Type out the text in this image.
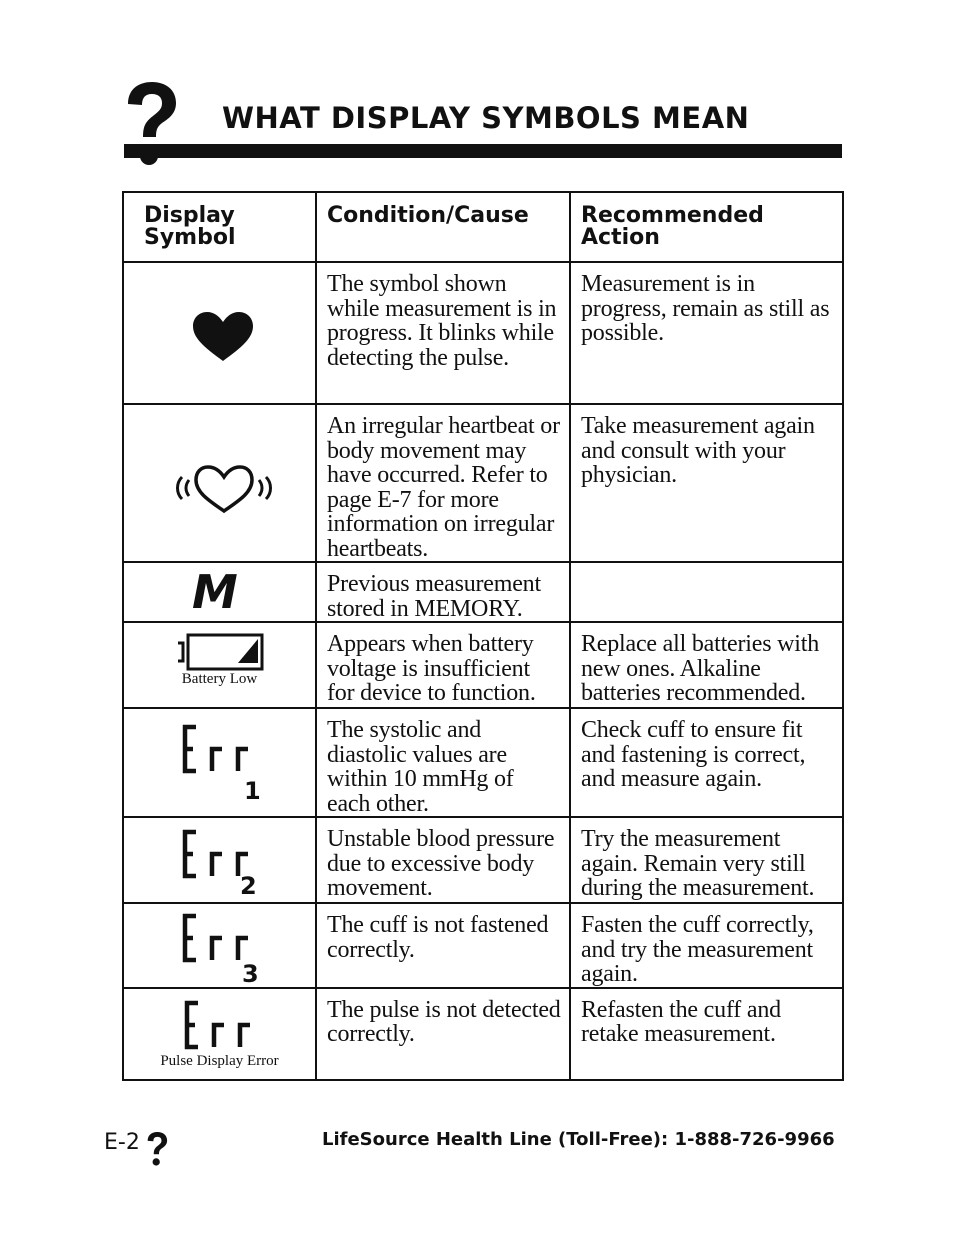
WHAT DISPLAY SYMBOLS MEAN
Display Symbol	Condition/Cause	Recommended Action

	The symbol shown while measurement is in progress. It blinks while detecting the pulse.	Measurement is in progress, remain as still as possible.

	An irregular heartbeat or body movement may have occurred. Refer to page E-7 for more information on irregular heartbeats.	Take measurement again and consult with your physician.

M	Previous measurement stored in MEMORY.	

Battery Low	Appears when battery voltage is insufficient for device to function.	Replace all batteries with new ones. Alkaline batteries recommended.

1	The systolic and diastolic values are within 10 mmHg of each other.	Check cuff to ensure fit and fastening is correct, and measure again.

2	Unstable blood pressure due to excessive body movement.	Try the measurement again. Remain very still during the measurement.

3	The cuff is not fastened correctly.	Fasten the cuff correctly, and try the measurement again.

Pulse Display Error	The pulse is not detected correctly.	Refasten the cuff and retake measurement.
E-2	LifeSource Health Line (Toll-Free): 1-888-726-9966
